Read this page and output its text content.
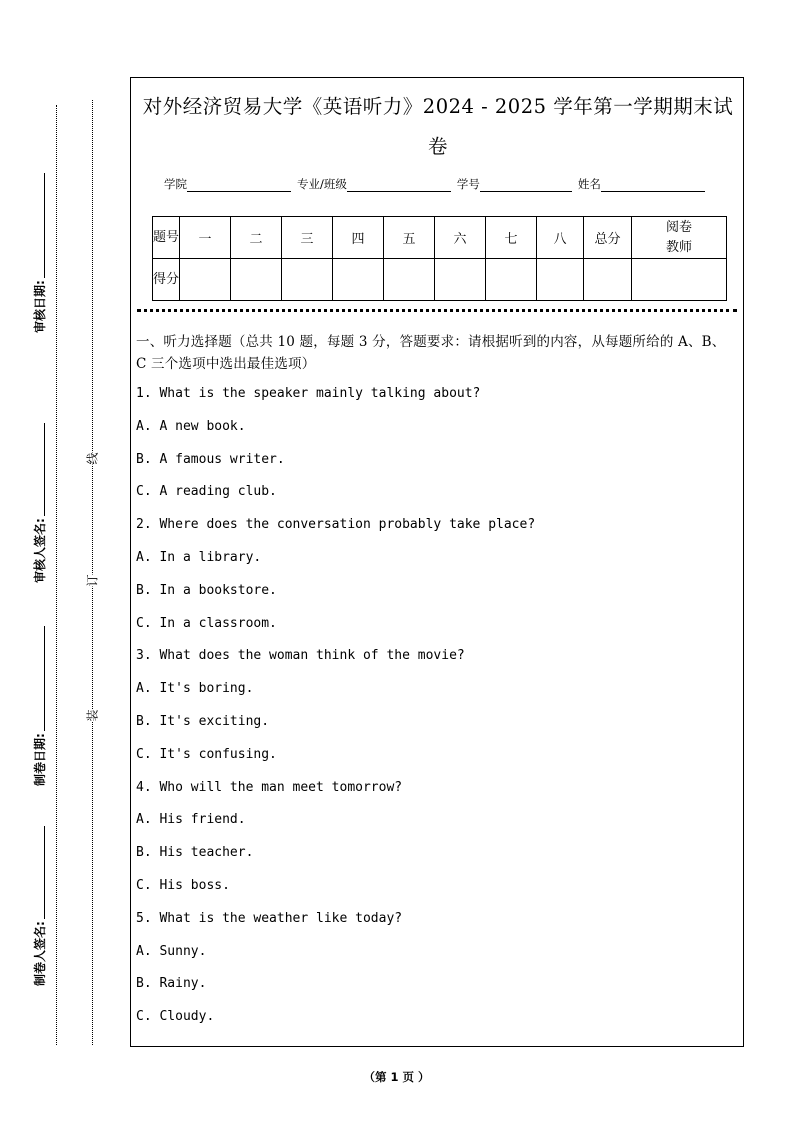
审核日期:
审核人签名:
制卷日期:
制卷人签名:
线
订
装
对外经济贸易大学《英语听力》2024 - 2025 学年第一学期期末试
卷
学院	专业/班级	学号	姓名
题号	一	二	三	四	五	六	七	八	总分	阅卷
教师

得分										

一、听力选择题（总共 10 题，每题 3 分，答题要求：请根据听到的内容，从每题所给的 A、B、C 三个选项中选出最佳选项）

1. What is the speaker mainly talking about?
A. A new book.
B. A famous writer.
C. A reading club.
2. Where does the conversation probably take place?
A. In a library.
B. In a bookstore.
C. In a classroom.
3. What does the woman think of the movie?
A. It's boring.
B. It's exciting.
C. It's confusing.
4. Who will the man meet tomorrow?
A. His friend.
B. His teacher.
C. His boss.
5. What is the weather like today?
A. Sunny.
B. Rainy.
C. Cloudy.
（第 1 页 ）
